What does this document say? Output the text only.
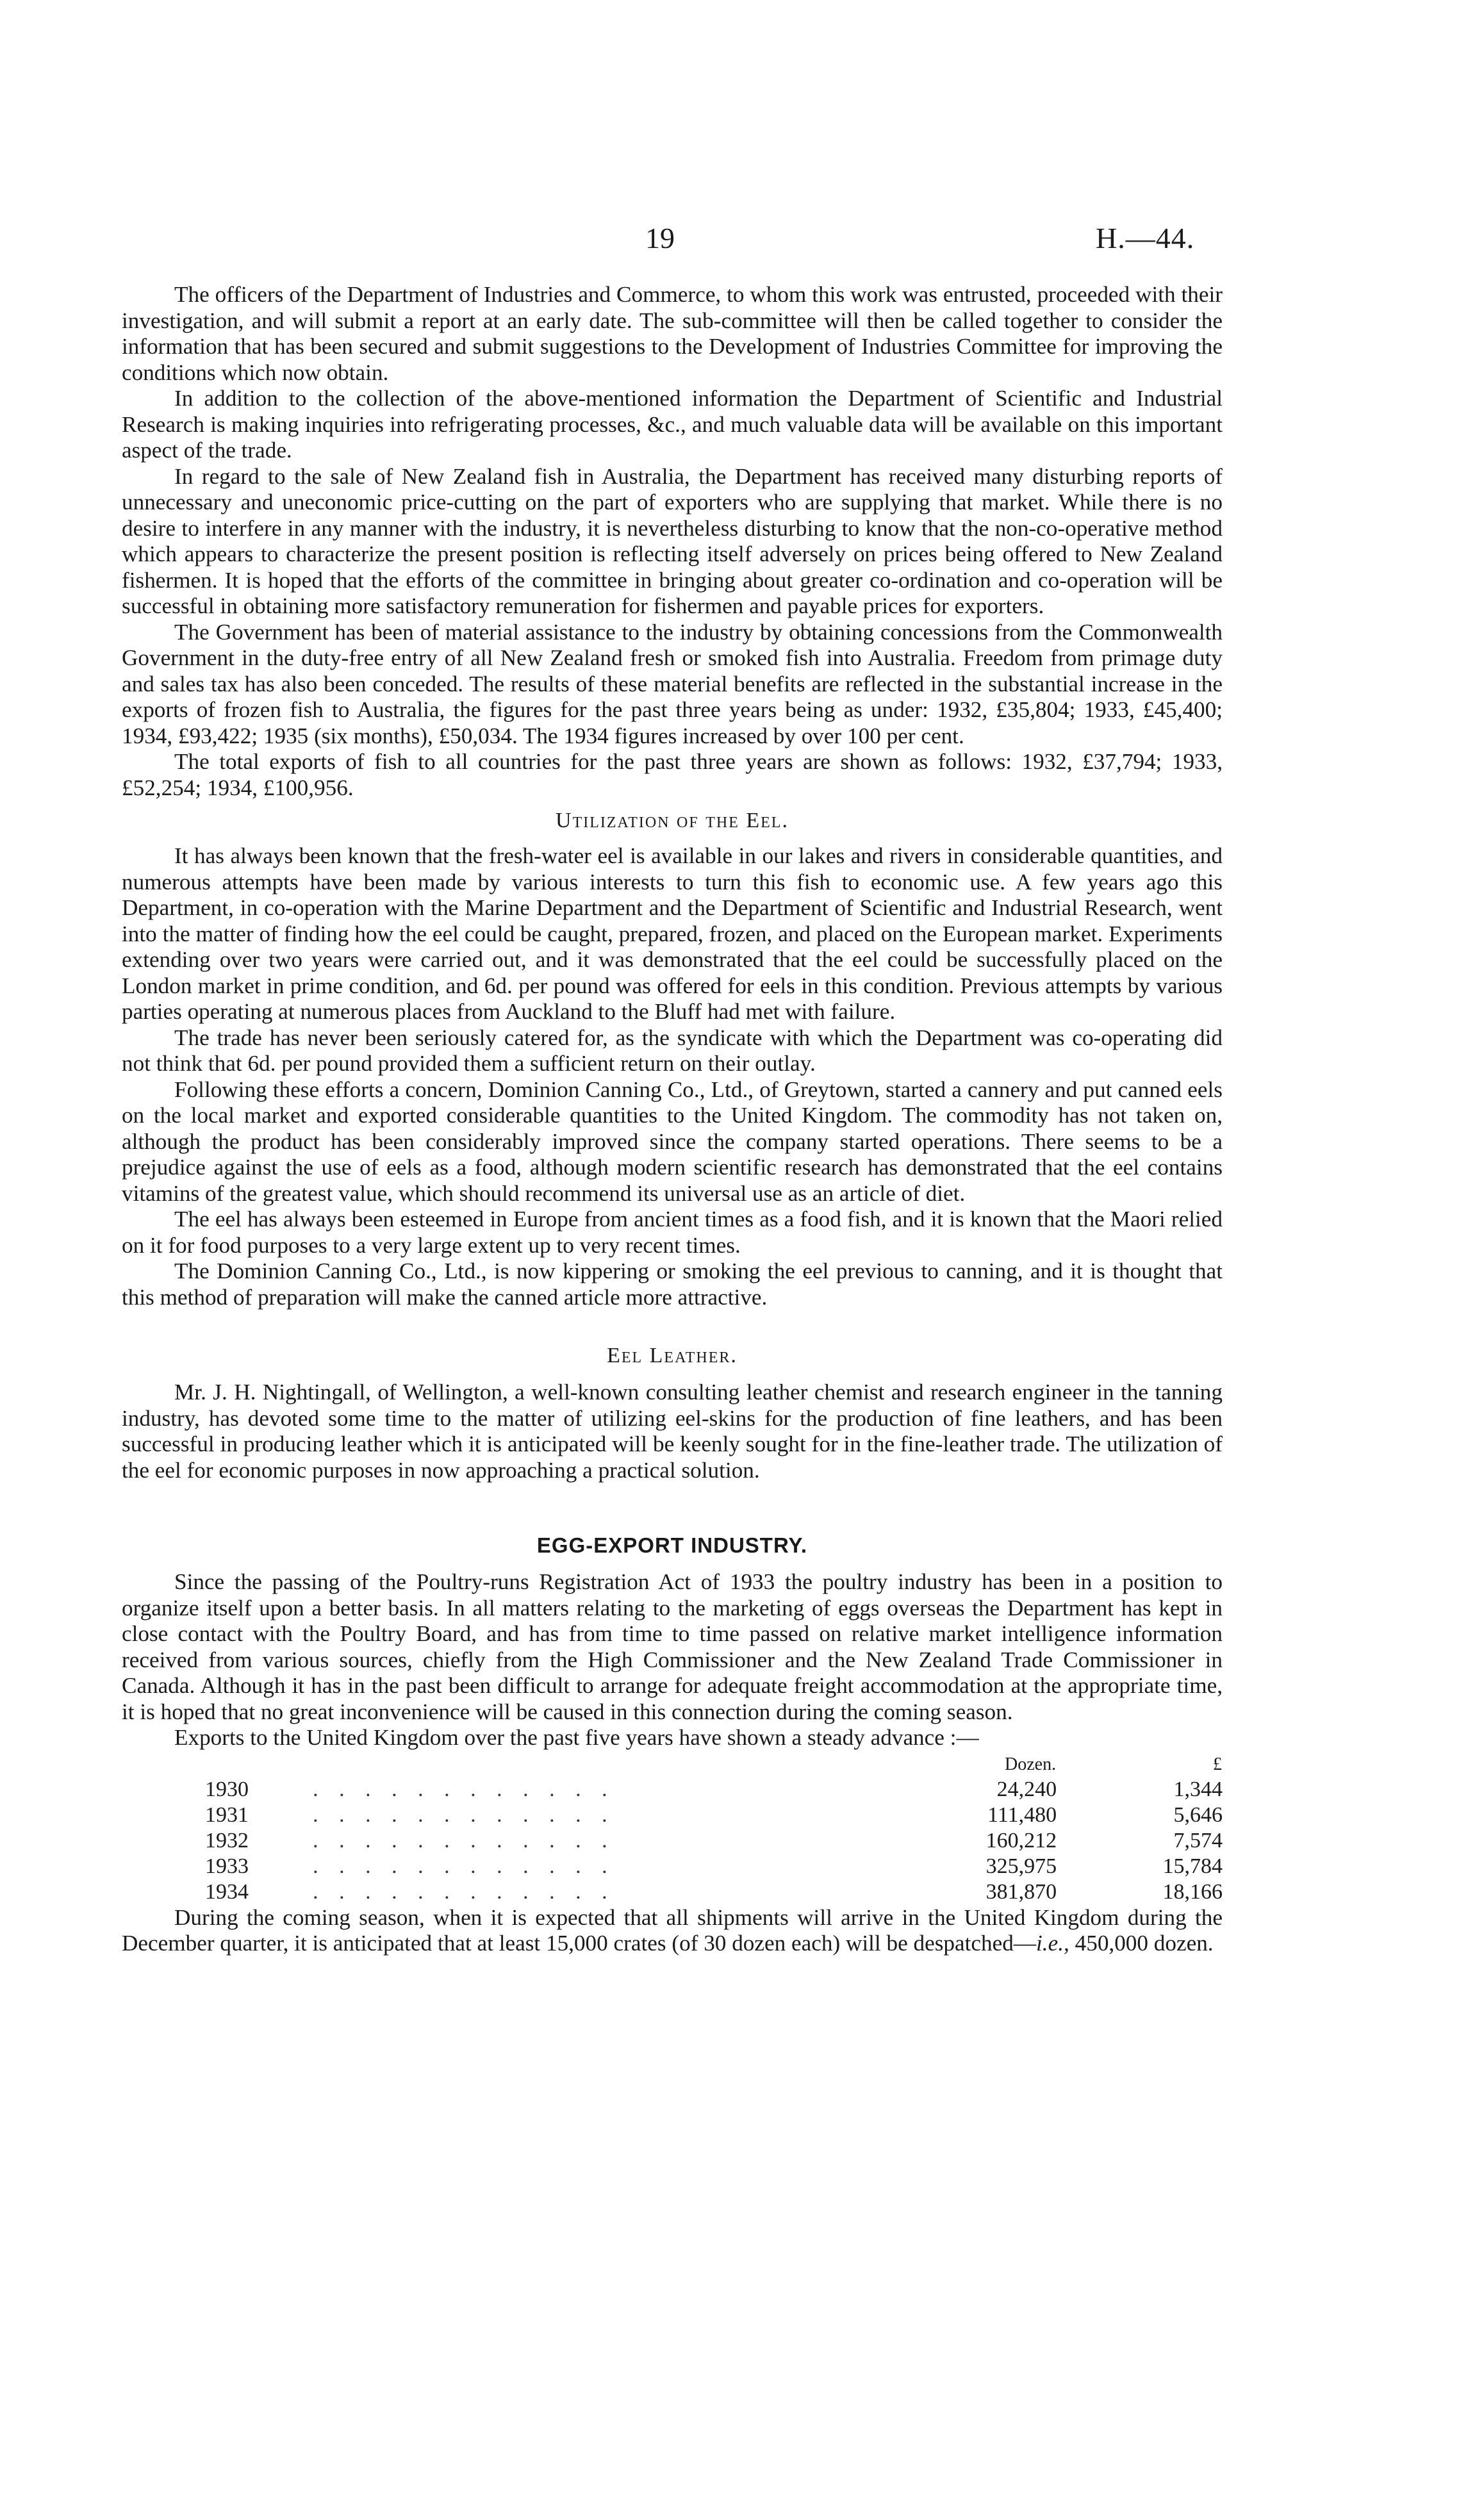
19	H.—44.

The officers of the Department of Industries and Commerce, to whom this work was entrusted, proceeded with their investigation, and will submit a report at an early date. The sub-committee will then be called together to consider the information that has been secured and submit suggestions to the Development of Industries Committee for improving the conditions which now obtain.

In addition to the collection of the above-mentioned information the Department of Scientific and Industrial Research is making inquiries into refrigerating processes, &c., and much valuable data will be available on this important aspect of the trade.

In regard to the sale of New Zealand fish in Australia, the Department has received many disturbing reports of unnecessary and uneconomic price-cutting on the part of exporters who are supplying that market. While there is no desire to interfere in any manner with the industry, it is nevertheless disturbing to know that the non-co-operative method which appears to characterize the present position is reflecting itself adversely on prices being offered to New Zealand fishermen. It is hoped that the efforts of the committee in bringing about greater co-ordination and co-operation will be successful in obtaining more satisfactory remuneration for fishermen and payable prices for exporters.

The Government has been of material assistance to the industry by obtaining concessions from the Commonwealth Government in the duty-free entry of all New Zealand fresh or smoked fish into Australia. Freedom from primage duty and sales tax has also been conceded. The results of these material benefits are reflected in the substantial increase in the exports of frozen fish to Australia, the figures for the past three years being as under: 1932, £35,804; 1933, £45,400; 1934, £93,422; 1935 (six months), £50,034. The 1934 figures increased by over 100 per cent.

The total exports of fish to all countries for the past three years are shown as follows: 1932, £37,794; 1933, £52,254; 1934, £100,956.

Utilization of the Eel.

It has always been known that the fresh-water eel is available in our lakes and rivers in considerable quantities, and numerous attempts have been made by various interests to turn this fish to economic use. A few years ago this Department, in co-operation with the Marine Department and the Department of Scientific and Industrial Research, went into the matter of finding how the eel could be caught, prepared, frozen, and placed on the European market. Experiments extending over two years were carried out, and it was demonstrated that the eel could be successfully placed on the London market in prime condition, and 6d. per pound was offered for eels in this condition. Previous attempts by various parties operating at numerous places from Auckland to the Bluff had met with failure.

The trade has never been seriously catered for, as the syndicate with which the Department was co-operating did not think that 6d. per pound provided them a sufficient return on their outlay.

Following these efforts a concern, Dominion Canning Co., Ltd., of Greytown, started a cannery and put canned eels on the local market and exported considerable quantities to the United Kingdom. The commodity has not taken on, although the product has been considerably improved since the company started operations. There seems to be a prejudice against the use of eels as a food, although modern scientific research has demonstrated that the eel contains vitamins of the greatest value, which should recommend its universal use as an article of diet.

The eel has always been esteemed in Europe from ancient times as a food fish, and it is known that the Maori relied on it for food purposes to a very large extent up to very recent times.

The Dominion Canning Co., Ltd., is now kippering or smoking the eel previous to canning, and it is thought that this method of preparation will make the canned article more attractive.

Eel Leather.

Mr. J. H. Nightingall, of Wellington, a well-known consulting leather chemist and research engineer in the tanning industry, has devoted some time to the matter of utilizing eel-skins for the production of fine leathers, and has been successful in producing leather which it is anticipated will be keenly sought for in the fine-leather trade. The utilization of the eel for economic purposes in now approaching a practical solution.

EGG-EXPORT INDUSTRY.

Since the passing of the Poultry-runs Registration Act of 1933 the poultry industry has been in a position to organize itself upon a better basis. In all matters relating to the marketing of eggs overseas the Department has kept in close contact with the Poultry Board, and has from time to time passed on relative market intelligence information received from various sources, chiefly from the High Commissioner and the New Zealand Trade Commissioner in Canada. Although it has in the past been difficult to arrange for adequate freight accommodation at the appropriate time, it is hoped that no great inconvenience will be caused in this connection during the coming season.

Exports to the United Kingdom over the past five years have shown a steady advance :—

		Dozen.	£
1930	. . . . . . . . . . . .	24,240	1,344
1931	. . . . . . . . . . . .	111,480	5,646
1932	. . . . . . . . . . . .	160,212	7,574
1933	. . . . . . . . . . . .	325,975	15,784
1934	. . . . . . . . . . . .	381,870	18,166

During the coming season, when it is expected that all shipments will arrive in the United Kingdom during the December quarter, it is anticipated that at least 15,000 crates (of 30 dozen each) will be despatched—i.e., 450,000 dozen.
